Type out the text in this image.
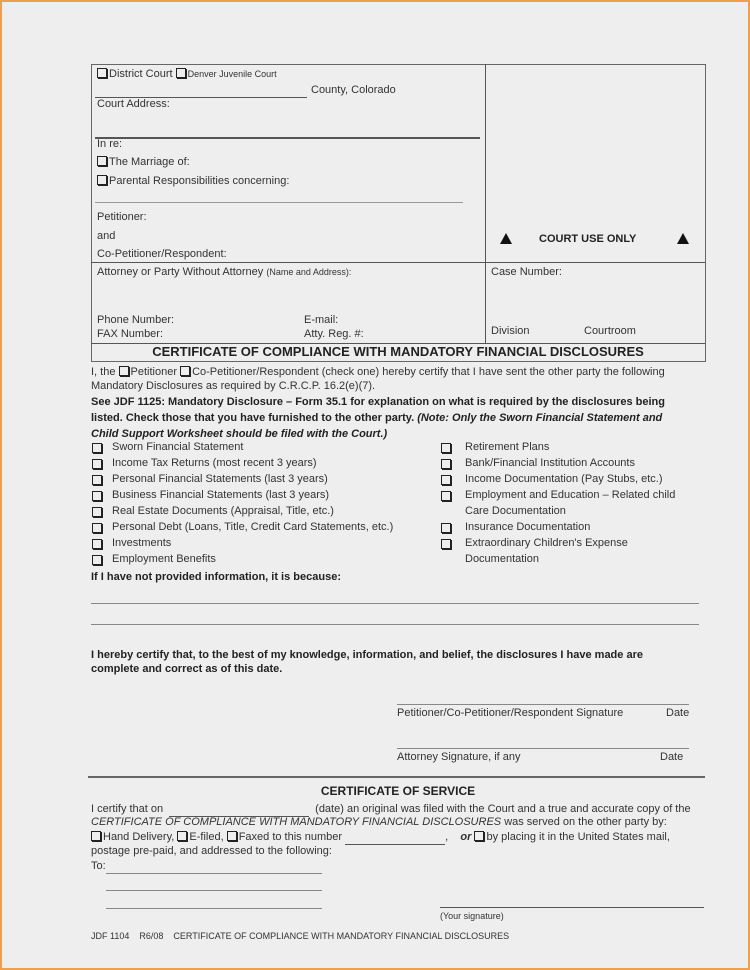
District Court Denver Juvenile Court
County, Colorado
Court Address:
In re:
The Marriage of:
Parental Responsibilities concerning:
Petitioner:
and
Co-Petitioner/Respondent:
Attorney or Party Without Attorney (Name and Address):
Phone Number:
FAX Number:
E-mail:
Atty. Reg. #:
COURT USE ONLY
Case Number:
Division	Courtroom
CERTIFICATE OF COMPLIANCE WITH MANDATORY FINANCIAL DISCLOSURES
I, the Petitioner Co-Petitioner/Respondent (check one) hereby certify that I have sent the other party the following
Mandatory Disclosures as required by C.R.C.P. 16.2(e)(7).
See JDF 1125: Mandatory Disclosure – Form 35.1 for explanation on what is required by the disclosures being
listed. Check those that you have furnished to the other party. (Note: Only the Sworn Financial Statement and
Child Support Worksheet should be filed with the Court.)
Sworn Financial Statement
Income Tax Returns (most recent 3 years)
Personal Financial Statements (last 3 years)
Business Financial Statements (last 3 years)
Real Estate Documents (Appraisal, Title, etc.)
Personal Debt (Loans, Title, Credit Card Statements, etc.)
Investments
Employment Benefits
Retirement Plans
Bank/Financial Institution Accounts
Income Documentation (Pay Stubs, etc.)
Employment and Education – Related child
Insurance Documentation
Extraordinary Children's Expense
Care Documentation
Documentation
If I have not provided information, it is because:
I hereby certify that, to the best of my knowledge, information, and belief, the disclosures I have made are
complete and correct as of this date.
Petitioner/Co-Petitioner/Respondent Signature	Date
Attorney Signature, if any	Date
CERTIFICATE OF SERVICE
I certify that on	(date) an original was filed with the Court and a true and accurate copy of the
CERTIFICATE OF COMPLIANCE WITH MANDATORY FINANCIAL DISCLOSURES was served on the other party by:
Hand Delivery, E-filed, Faxed to this number	,    or by placing it in the United States mail,
postage pre-paid, and addressed to the following:
To:
(Your signature)
JDF 1104 R6/08 CERTIFICATE OF COMPLIANCE WITH MANDATORY FINANCIAL DISCLOSURES
